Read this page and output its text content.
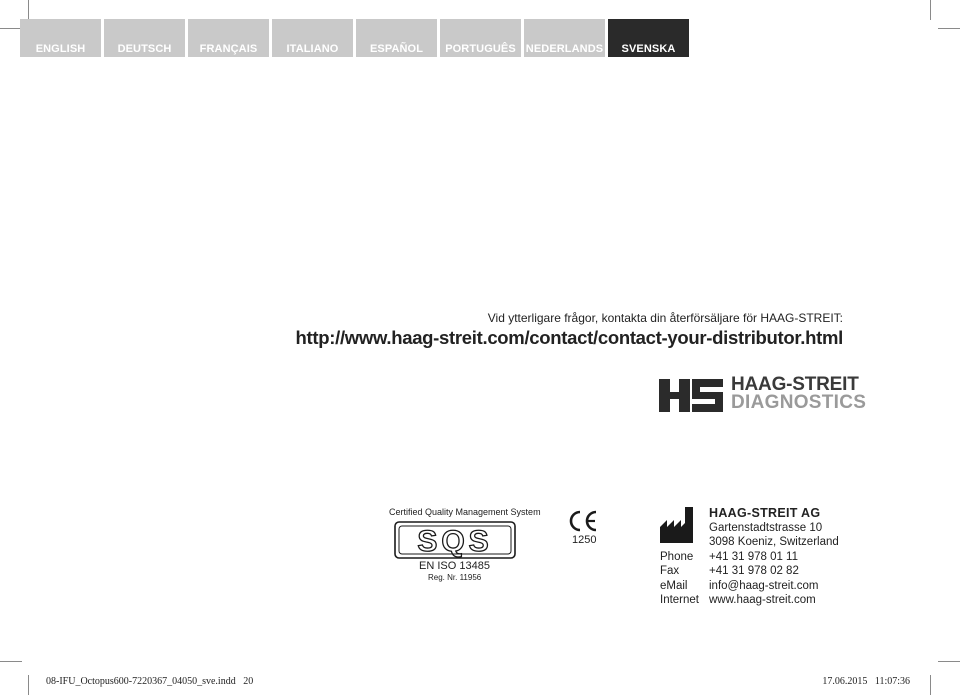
ENGLISH	DEUTSCH	FRANÇAIS	ITALIANO	ESPAÑOL	PORTUGUÊS NEDERLANDS	SVENSKA
Vid ytterligare frågor, kontakta din återförsäljare för HAAG-STREIT:
http://www.haag-streit.com/contact/contact-your-distributor.html
HAAG-STREIT
DIAGNOSTICS
Certified Quality Management System
SQS
EN ISO 13485
Reg. Nr. 11956
1250
HAAG-STREIT AG
Gartenstadtstrasse 10
3098 Koeniz, Switzerland
Phone +41 31 978 01 11
Fax	+41 31 978 02 82
eMail info@haag-streit.com
Internet www.haag-streit.com
08-IFU_Octopus600-7220367_04050_sve.indd   20	17.06.2015   11:07:36
